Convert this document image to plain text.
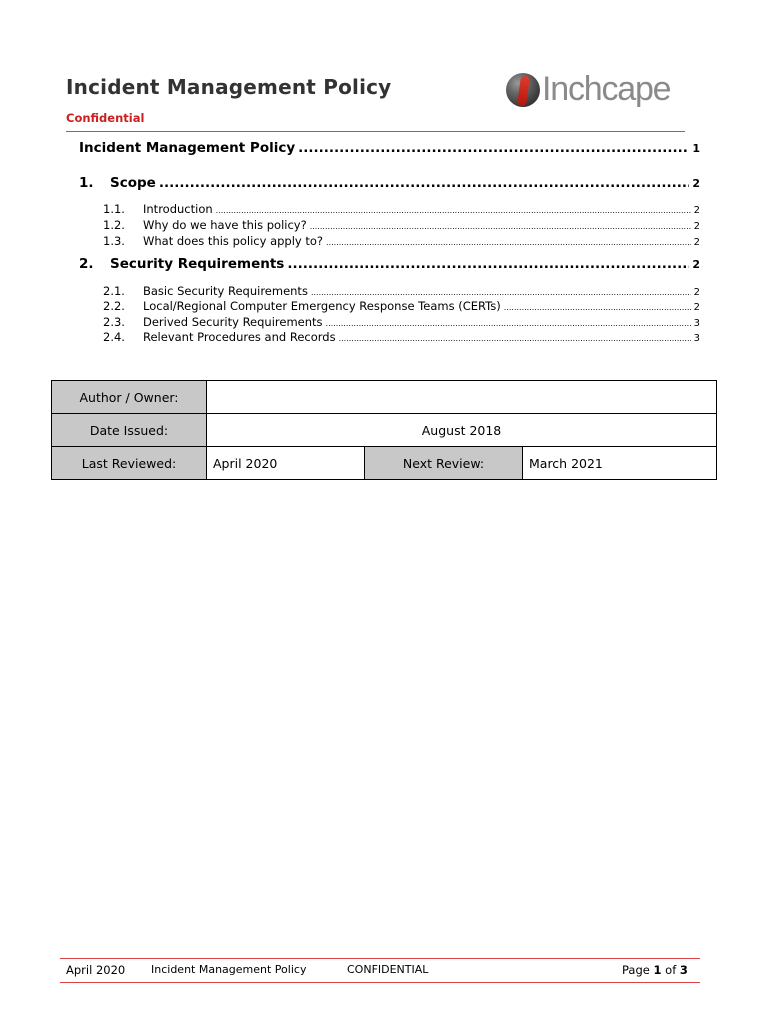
Incident Management Policy
Confidential
Inchcape
Incident Management Policy .....	1
1.	Scope .....	2
1.1.	Introduction .....	2
1.2.	Why do we have this policy? .....	2
1.3.	What does this policy apply to? .....	2
2.	Security Requirements .....	2
2.1.	Basic Security Requirements .....	2
2.2.	Local/Regional Computer Emergency Response Teams (CERTs) .....	2
2.3.	Derived Security Requirements .....	3
2.4.	Relevant Procedures and Records .....	3
Author / Owner:			
Date Issued:	August 2018		
Last Reviewed:	April 2020	Next Review:	March 2021
April 2020 Incident Management Policy	CONFIDENTIAL	Page 1 of 3
